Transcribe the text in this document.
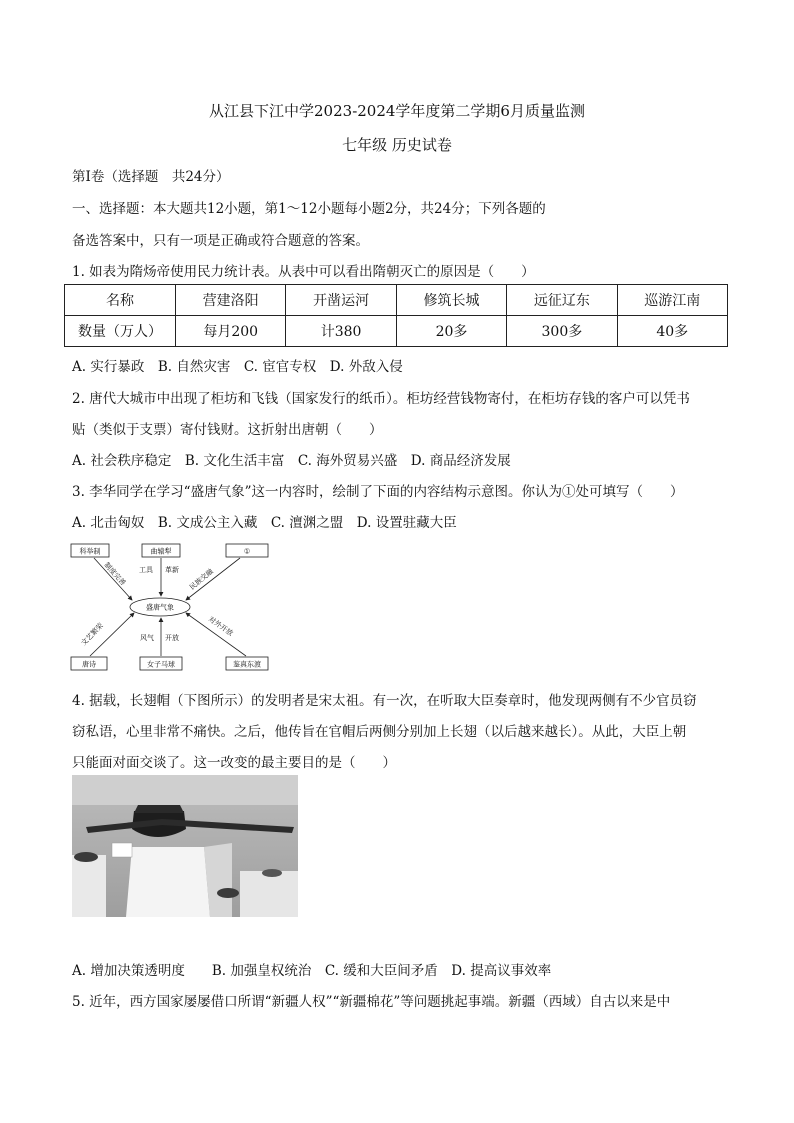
从江县下江中学2023-2024学年度第二学期6月质量监测
七年级 历史试卷
第Ⅰ卷（选择题　共24分）
一、选择题：本大题共12小题，第1～12小题每小题2分，共24分；下列各题的
备选答案中，只有一项是正确或符合题意的答案。
1. 如表为隋炀帝使用民力统计表。从表中可以看出隋朝灭亡的原因是（　　）
名称	营建洛阳	开凿运河	修筑长城	远征辽东	巡游江南
数量（万人）	每月200	计380	20多	300多	40多
A. 实行暴政　B. 自然灾害　C. 宦官专权　D. 外敌入侵
2. 唐代大城市中出现了柜坊和飞钱（国家发行的纸币）。柜坊经营钱物寄付，在柜坊存钱的客户可以凭书
贴（类似于支票）寄付钱财。这折射出唐朝（　　）
A. 社会秩序稳定　B. 文化生活丰富　C. 海外贸易兴盛　D. 商品经济发展
3. 李华同学在学习“盛唐气象”这一内容时，绘制了下面的内容结构示意图。你认为①处可填写（　　）
A. 北击匈奴　B. 文成公主入藏　C. 澶渊之盟　D. 设置驻藏大臣
科举制	曲辕犁	①
唐诗	女子马球	鉴真东渡
盛唐气象
制度完善 工具 革新 民族交融
文艺繁荣	风气 开放
对外开放
4. 据载，长翅帽（下图所示）的发明者是宋太祖。有一次，在听取大臣奏章时，他发现两侧有不少官员窃
窃私语，心里非常不痛快。之后，他传旨在官帽后两侧分别加上长翅（以后越来越长）。从此，大臣上朝
只能面对面交谈了。这一改变的最主要目的是（　　）
A. 增加决策透明度　　B. 加强皇权统治　C. 缓和大臣间矛盾　D. 提高议事效率
5. 近年，西方国家屡屡借口所谓“新疆人权”“新疆棉花”等问题挑起事端。新疆（西域）自古以来是中
